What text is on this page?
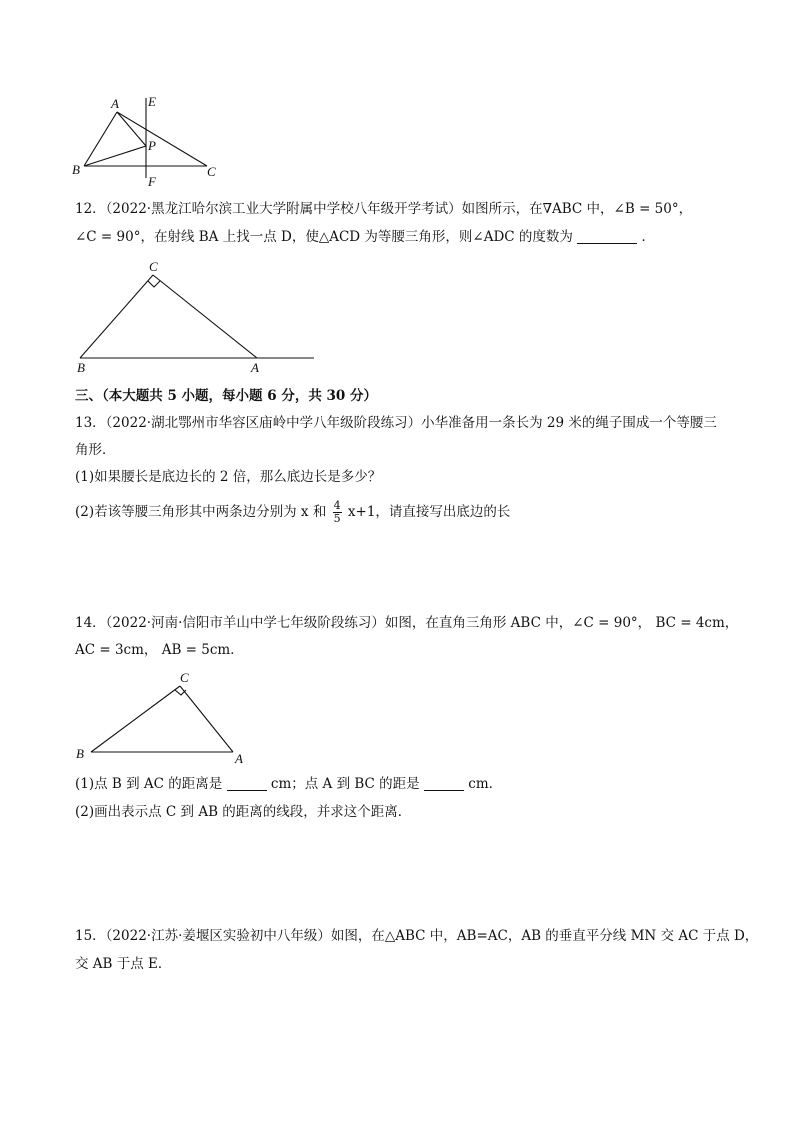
A E
P
B	C
F
12．（2022·黑龙江哈尔滨工业大学附属中学校八年级开学考试）如图所示，在∇ABC 中，∠B = 50°，
∠C = 90°，在射线 BA 上找一点 D，使△ACD 为等腰三角形，则∠ADC 的度数为	．
C
B	A
三、（本大题共 5 小题，每小题 6 分，共 30 分）
13．（2022·湖北鄂州市华容区庙岭中学八年级阶段练习）小华准备用一条长为 29 米的绳子围成一个等腰三
角形．
(1)如果腰长是底边长的 2 倍，那么底边长是多少？
(2)若该等腰三角形其中两条边分别为 x 和 $\frac{4}{5} x+1$，请直接写出底边的长
14．（2022·河南·信阳市羊山中学七年级阶段练习）如图，在直角三角形 ABC 中，∠C = 90°， BC = 4cm，
AC = 3cm， AB = 5cm．
C
B	A
(1)点 B 到 AC 的距离是	cm；点 A 到 BC 的距是	cm．
(2)画出表示点 C 到 AB 的距离的线段，并求这个距离．
15．（2022·江苏·姜堰区实验初中八年级）如图，在△ABC 中，AB=AC，AB 的垂直平分线 MN 交 AC 于点 D，
交 AB 于点 E．
